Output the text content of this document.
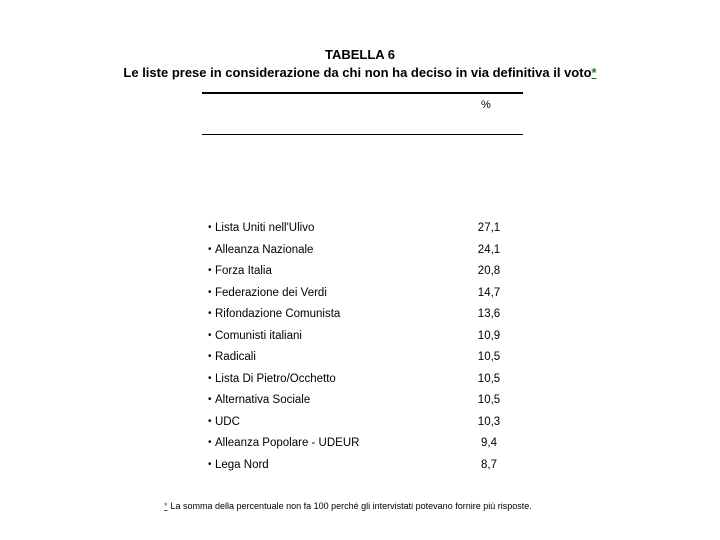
TABELLA 6
Le liste prese in considerazione da chi non ha deciso in via definitiva il voto*
%
• Lista Uniti nell'Ulivo	27,1
• Alleanza Nazionale	24,1
• Forza Italia	20,8
• Federazione dei Verdi	14,7
• Rifondazione Comunista	13,6
• Comunisti italiani	10,9
• Radicali	10,5
• Lista Di Pietro/Occhetto	10,5
• Alternativa Sociale	10,5
• UDC	10,3
• Alleanza Popolare - UDEUR	9,4
• Lega Nord	8,7
* La somma della percentuale non fa 100 perché gli intervistati potevano fornire più risposte.
